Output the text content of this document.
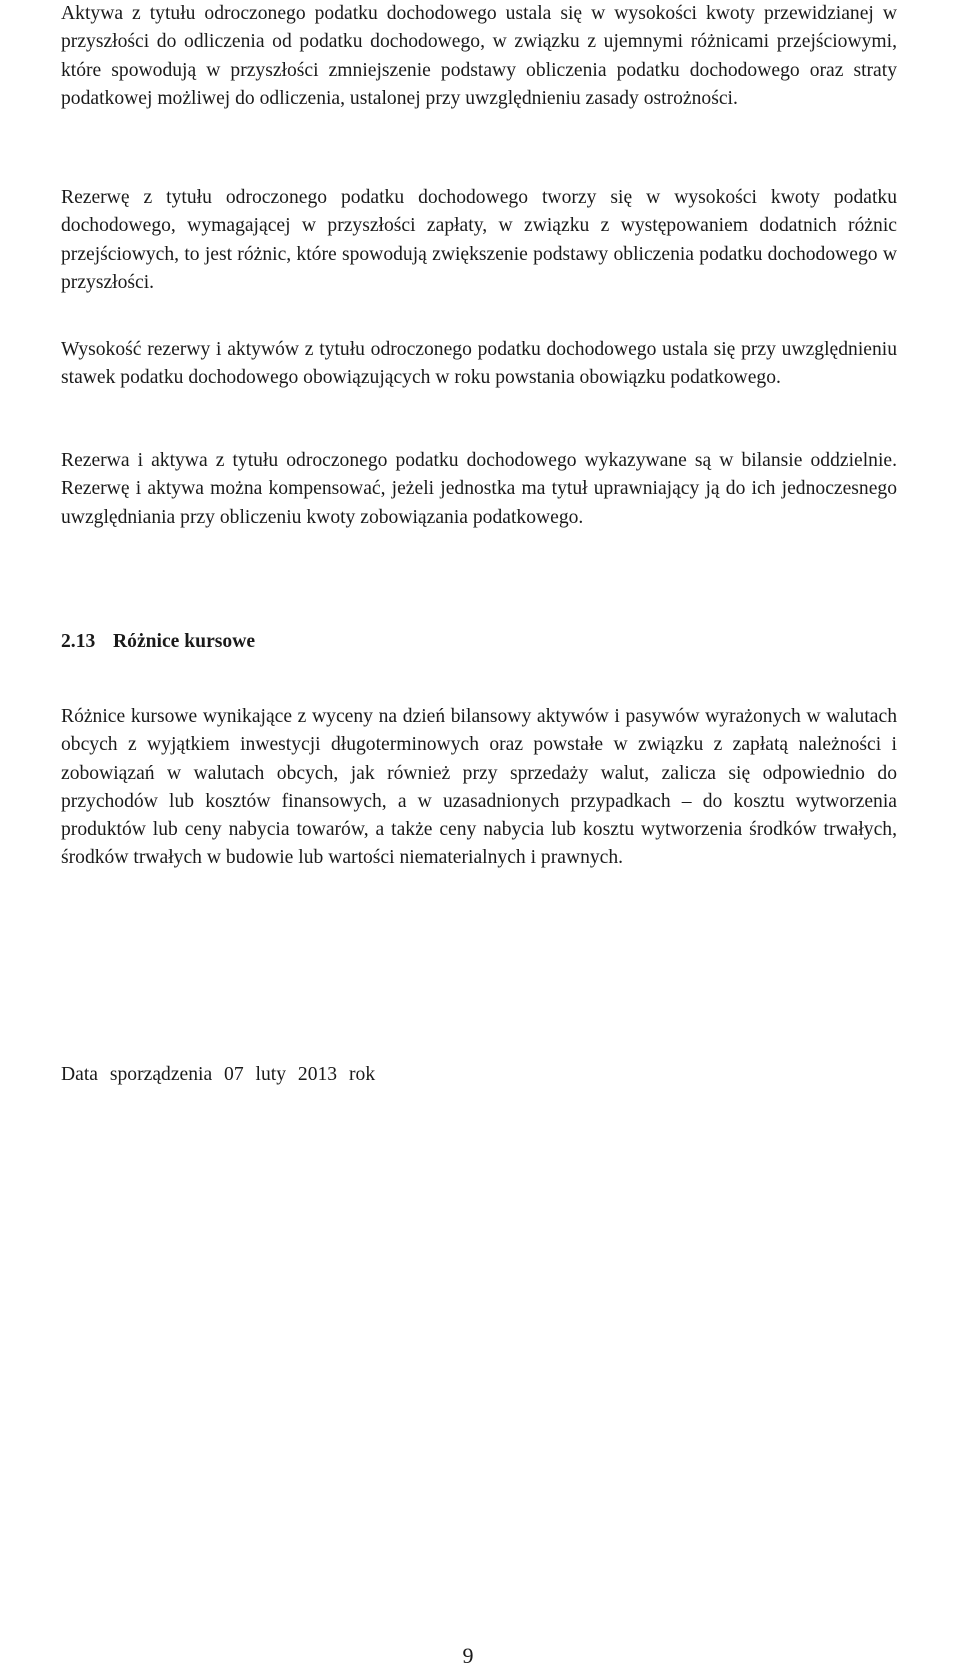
Aktywa z tytułu odroczonego podatku dochodowego ustala się w wysokości kwoty przewidzianej w przyszłości do odliczenia od podatku dochodowego, w związku z ujemnymi różnicami przejściowymi, które spowodują w przyszłości zmniejszenie podstawy obliczenia podatku dochodowego oraz straty podatkowej możliwej do odliczenia, ustalonej przy uwzględnieniu zasady ostrożności.

Rezerwę z tytułu odroczonego podatku dochodowego tworzy się w wysokości kwoty podatku dochodowego, wymagającej w przyszłości zapłaty, w związku z występowaniem dodatnich różnic przejściowych, to jest różnic, które spowodują zwiększenie podstawy obliczenia podatku dochodowego w przyszłości.

Wysokość rezerwy i aktywów z tytułu odroczonego podatku dochodowego ustala się przy uwzględnieniu stawek podatku dochodowego obowiązujących w roku powstania obowiązku podatkowego.

Rezerwa i aktywa z tytułu odroczonego podatku dochodowego wykazywane są w bilansie oddzielnie. Rezerwę i aktywa można kompensować, jeżeli jednostka ma tytuł uprawniający ją do ich jednoczesnego uwzględniania przy obliczeniu kwoty zobowiązania podatkowego.

2.13 Różnice kursowe

Różnice kursowe wynikające z wyceny na dzień bilansowy aktywów i pasywów wyrażonych w walutach obcych z wyjątkiem inwestycji długoterminowych oraz powstałe w związku z zapłatą należności i zobowiązań w walutach obcych, jak również przy sprzedaży walut, zalicza się odpowiednio do przychodów lub kosztów finansowych, a w uzasadnionych przypadkach – do kosztu wytworzenia produktów lub ceny nabycia towarów, a także ceny nabycia lub kosztu wytworzenia środków trwałych, środków trwałych w budowie lub wartości niematerialnych i prawnych.

Data sporządzenia 07 luty 2013 rok

9
